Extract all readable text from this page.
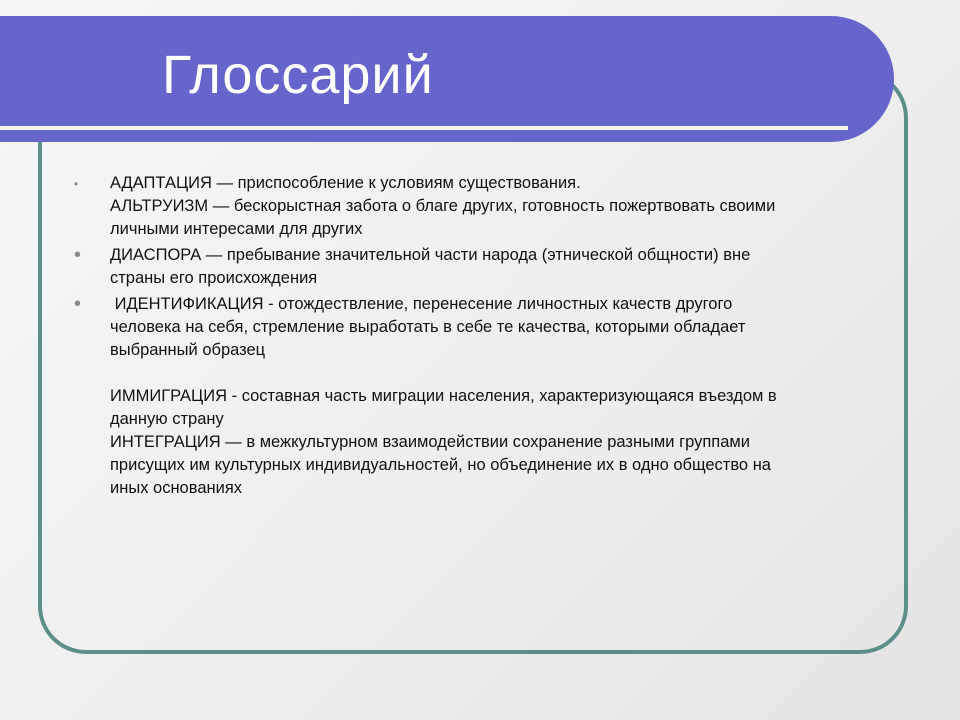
Глоссарий
• АДАПТАЦИЯ — приспособление к условиям существования.
АЛЬТРУИЗМ — бескорыстная забота о благе других, готовность пожертвовать своими
личными интересами для других
• ДИАСПОРА — пребывание значительной части народа (этнической общности) вне
страны его происхождения
• ИДЕНТИФИКАЦИЯ - отождествление, перенесение личностных качеств другого
человека на себя, стремление выработать в себе те качества, которыми обладает
выбранный образец
ИММИГРАЦИЯ - составная часть миграции населения, характеризующаяся въездом в
данную страну
ИНТЕГРАЦИЯ — в межкультурном взаимодействии сохранение разными группами
присущих им культурных индивидуальностей, но объединение их в одно общество на
иных основаниях
